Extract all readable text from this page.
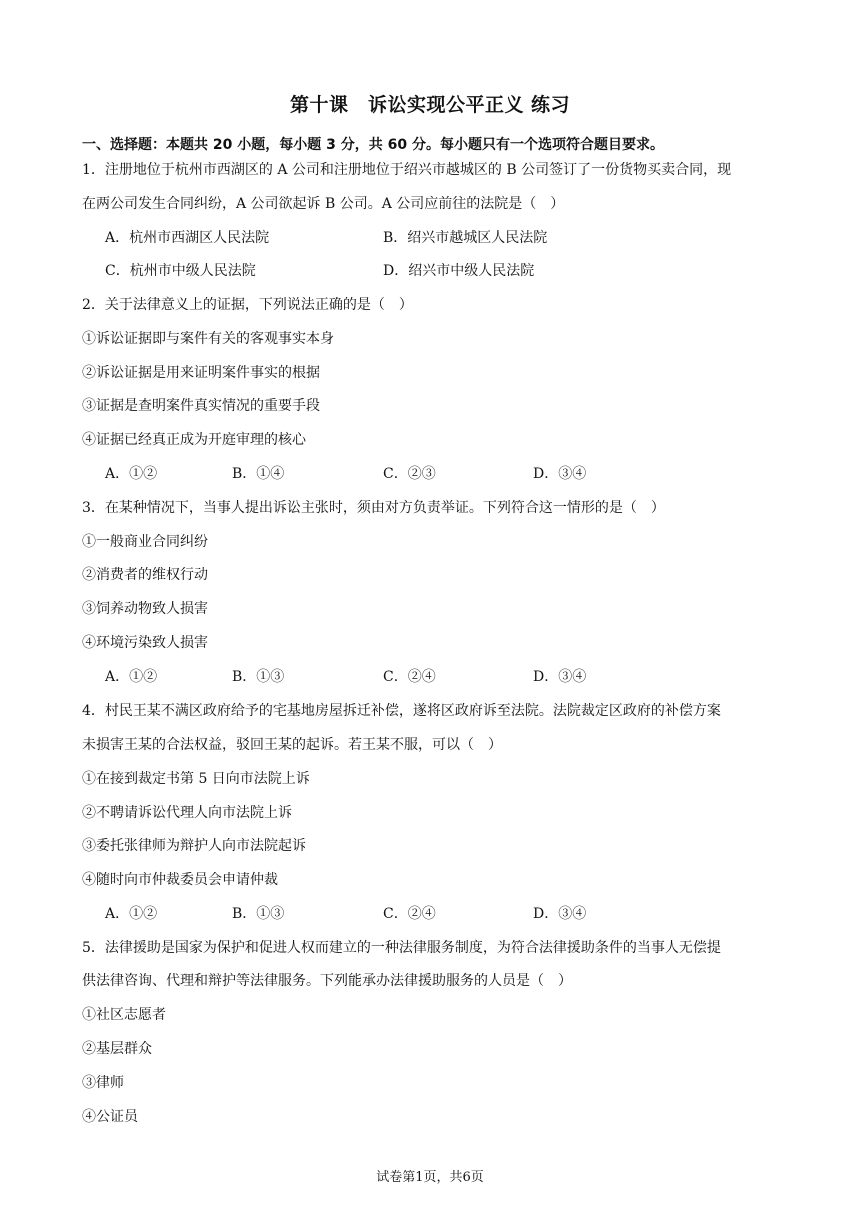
第十课　诉讼实现公平正义 练习
一、选择题：本题共 20 小题，每小题 3 分，共 60 分。每小题只有一个选项符合题目要求。
1．注册地位于杭州市西湖区的 A 公司和注册地位于绍兴市越城区的 B 公司签订了一份货物买卖合同，现
在两公司发生合同纠纷，A 公司欲起诉 B 公司。A 公司应前往的法院是（　）
A．杭州市西湖区人民法院	B．绍兴市越城区人民法院
C．杭州市中级人民法院	D．绍兴市中级人民法院
2．关于法律意义上的证据，下列说法正确的是（　）
①诉讼证据即与案件有关的客观事实本身
②诉讼证据是用来证明案件事实的根据
③证据是查明案件真实情况的重要手段
④证据已经真正成为开庭审理的核心
A．①②	B．①④	C．②③	D．③④
3．在某种情况下，当事人提出诉讼主张时，须由对方负责举证。下列符合这一情形的是（　）
①一般商业合同纠纷
②消费者的维权行动
③饲养动物致人损害
④环境污染致人损害
A．①②	B．①③	C．②④	D．③④
4．村民王某不满区政府给予的宅基地房屋拆迁补偿，遂将区政府诉至法院。法院裁定区政府的补偿方案
未损害王某的合法权益，驳回王某的起诉。若王某不服，可以（　）
①在接到裁定书第 5 日向市法院上诉
②不聘请诉讼代理人向市法院上诉
③委托张律师为辩护人向市法院起诉
④随时向市仲裁委员会申请仲裁
A．①②	B．①③	C．②④	D．③④
5．法律援助是国家为保护和促进人权而建立的一种法律服务制度，为符合法律援助条件的当事人无偿提
供法律咨询、代理和辩护等法律服务。下列能承办法律援助服务的人员是（　）
①社区志愿者
②基层群众
③律师
④公证员
试卷第1页，共6页
